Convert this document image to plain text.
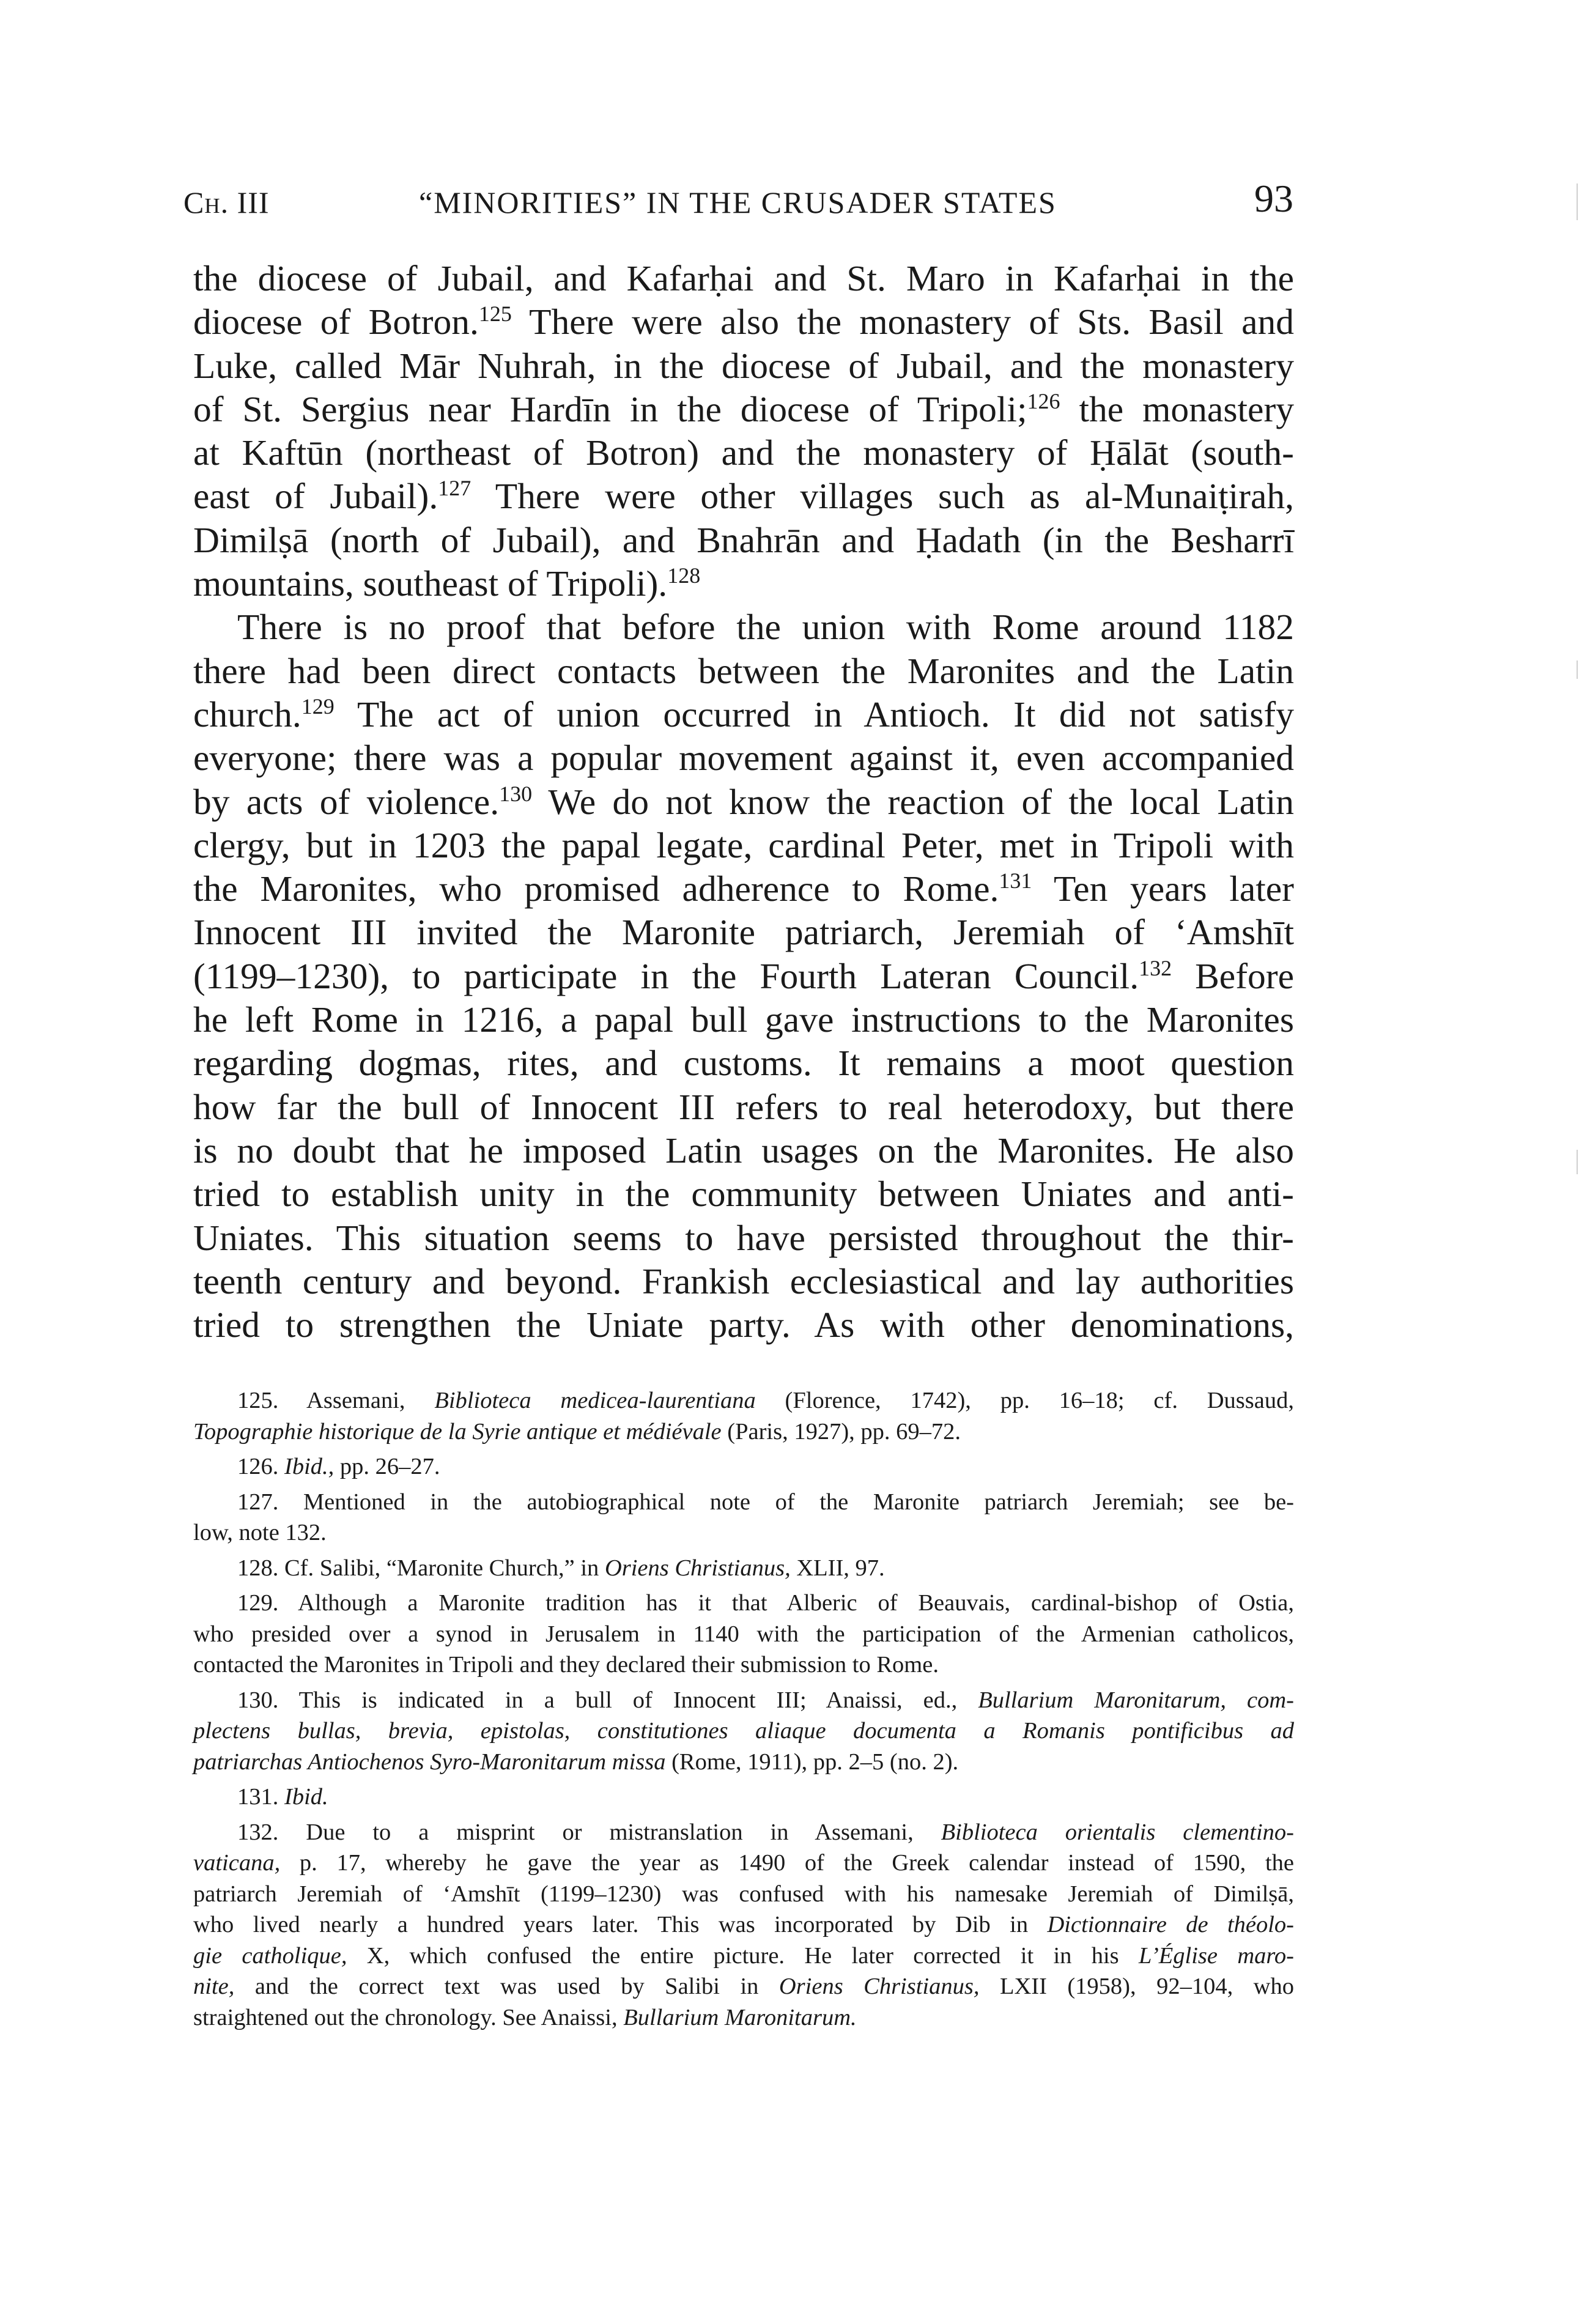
Ch. III	“MINORITIES” IN THE CRUSADER STATES	93
the diocese of Jubail, and Kafarḥai and St. Maro in Kafarḥai in the
diocese of Botron.$^{125}$ There were also the monastery of Sts. Basil and
Luke, called Mār Nuhrah, in the diocese of Jubail, and the monastery
of St. Sergius near Hardīn in the diocese of Tripoli;$^{126}$ the monastery
at Kaftūn (northeast of Botron) and the monastery of Ḥālāt (south-
east of Jubail).$^{127}$ There were other villages such as al-Munaiṭirah,
Dimilṣā (north of Jubail), and Bnahrān and Ḥadath (in the Besharrī
mountains, southeast of Tripoli).$^{128}$
There is no proof that before the union with Rome around 1182
there had been direct contacts between the Maronites and the Latin
church.$^{129}$ The act of union occurred in Antioch. It did not satisfy
everyone; there was a popular movement against it, even accompanied
by acts of violence.$^{130}$ We do not know the reaction of the local Latin
clergy, but in 1203 the papal legate, cardinal Peter, met in Tripoli with
the Maronites, who promised adherence to Rome.$^{131}$ Ten years later
Innocent III invited the Maronite patriarch, Jeremiah of ‘Amshīt
(1199–1230), to participate in the Fourth Lateran Council.$^{132}$ Before
he left Rome in 1216, a papal bull gave instructions to the Maronites
regarding dogmas, rites, and customs. It remains a moot question
how far the bull of Innocent III refers to real heterodoxy, but there
is no doubt that he imposed Latin usages on the Maronites. He also
tried to establish unity in the community between Uniates and anti-
Uniates. This situation seems to have persisted throughout the thir-
teenth century and beyond. Frankish ecclesiastical and lay authorities
tried to strengthen the Uniate party. As with other denominations,
125. Assemani, Biblioteca medicea-laurentiana (Florence, 1742), pp. 16–18; cf. Dussaud,
Topographie historique de la Syrie antique et médiévale (Paris, 1927), pp. 69–72.
126. Ibid., pp. 26–27.
127. Mentioned in the autobiographical note of the Maronite patriarch Jeremiah; see be-
low, note 132.
128. Cf. Salibi, “Maronite Church,” in Oriens Christianus, XLII, 97.
129. Although a Maronite tradition has it that Alberic of Beauvais, cardinal-bishop of Ostia,
who presided over a synod in Jerusalem in 1140 with the participation of the Armenian catholicos,
contacted the Maronites in Tripoli and they declared their submission to Rome.
130. This is indicated in a bull of Innocent III; Anaissi, ed., Bullarium Maronitarum, com-
plectens bullas, brevia, epistolas, constitutiones aliaque documenta a Romanis pontificibus ad
patriarchas Antiochenos Syro-Maronitarum missa (Rome, 1911), pp. 2–5 (no. 2).
131. Ibid.
132. Due to a misprint or mistranslation in Assemani, Biblioteca orientalis clementino-
vaticana, p. 17, whereby he gave the year as 1490 of the Greek calendar instead of 1590, the
patriarch Jeremiah of ‘Amshīt (1199–1230) was confused with his namesake Jeremiah of Dimilṣā,
who lived nearly a hundred years later. This was incorporated by Dib in Dictionnaire de théolo-
gie catholique, X, which confused the entire picture. He later corrected it in his L’Église maro-
nite, and the correct text was used by Salibi in Oriens Christianus, LXII (1958), 92–104, who
straightened out the chronology. See Anaissi, Bullarium Maronitarum.
